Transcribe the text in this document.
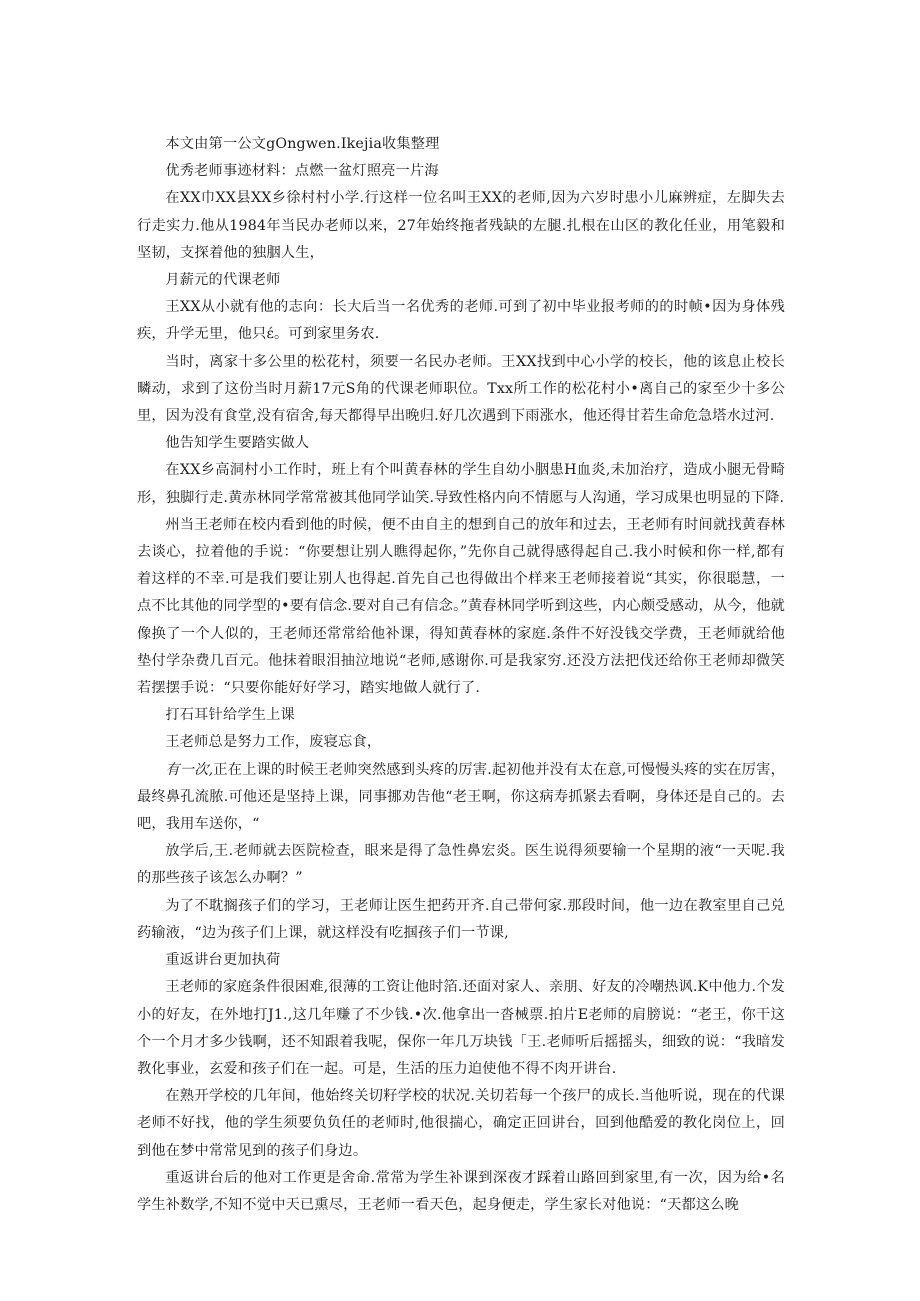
本文由第一公文gOngwen.Ikejia收集整理

优秀老师事迹材料：点燃一盆灯照亮一片海

在XX巾XX县XX乡徐村村小学.行这样一位名叫王XX的老师,因为六岁时患小儿麻辨症，左脚失去行走实力.他从1984年当民办老师以来，27年始终拖者残缺的左腿.扎根在山区的教化任业，用笔毅和坚韧，支探着他的独胭人生，

月薪元的代课老师

王XX从小就有他的志向：长大后当一名优秀的老师.可到了初中毕业报考师的的时帧•因为身体残疾，升学无里，他只έ。可到家里务农.

当时，离家十多公里的松花村，须要一名民办老师。王XX找到中心小学的校长，他的该息止校长疄动，求到了这份当时月薪17元S角的代课老师职位。Txx所工作的松花村小•离自己的家至少十多公里，因为没有食堂,没有宿舍,每天都得早出晚归.好几次遇到下雨涨水，他还得甘若生命危急塔水过河.

他告知学生要踏实做人

在XX乡高洞村小工作时，班上有个叫黄春林的学生自幼小胭患H血炎,未加治疗，造成小腿无骨畸形，独脚行走.黄赤林同学常常被其他同学讪笑.导致性格内向不情愿与人沟通，学习成果也明显的下降.

州当王老师在校内看到他的时候，便不由自主的想到自己的放年和过去，王老师有时间就找黄春林去谈心，拉着他的手说：“你要想让别人瞧得起你，”先你自己就得感得起自己.我小时候和你一样,都有着这样的不幸.可是我们要让别人也得起.首先自己也得做出个样来王老师接着说“其实，你很聪慧，一点不比其他的同学型的•要有信念.要对自己有信念。”黄春林同学听到这些，内心颇受感动，从今，他就像换了一个人似的，王老师还常常给他补课，得知黄春林的家庭.条件不好没钱交学费，王老师就给他垫付学杂费几百元。他抹着眼泪抽泣地说“老师,感谢你.可是我家穷.还没方法把伐还给你王老师却微笑若摆摆手说：“只要你能好好学习，踏实地做人就行了.

打石耳针给学生上课

王老师总是努力工作，废寝忘食，

有一次,正在上课的时候王老帅突然感到头疼的厉害.起初他并没有太在意,可慢慢头疼的实在厉害，最终鼻孔流脓.可他还是坚持上课，同事挪劝告他“老王啊，你这病寿抓紧去看啊，身体还是自己的。去吧，我用车送你，“

放学后,王.老师就去医院检查，眼来是得了急性鼻宏炎。医生说得须要输一个星期的液“一天呢.我的那些孩子该怎么办啊？”

为了不耽搁孩子们的学习，王老师让医生把药开齐.自己带何家.那段时间，他一边在教室里自己兑药输液，“边为孩子们上课，就这样没有吃掴孩子们一节课,

重返讲台更加执荷

王老师的家庭条件很困难,很薄的工资让他时箔.还面对家人、亲朋、好友的冷嘲热讽.K中他力.个发小的好友，在外地打J1.,这几年赚了不少钱.•次.他拿出一沓械票.拍片E老师的肩膀说：“老王，你干这个一个月才多少钱啊，还不知跟着我呢，保你一年几万块钱「王.老师听后摇摇头，细致的说：“我暗发教化事业，玄爱和孩子们在一起。可是，生活的压力迫使他不得不肉开讲台.

在熟开学校的几年间，他始终关切籽学校的状况.关切若每一个孩尸的成长.当他听说，现在的代课老师不好找，他的学生须要负负任的老师时,他很揣心，确定正回讲台，回到他酷爱的教化岗位上，回到他在梦中常常见到的孩子们身边。

重返讲台后的他对工作更是舍命.常常为学生补课到深夜才踩着山路回到家里,有一次，因为给•名学生补数学,不知不觉中天已熏尽，王老师一看天色，起身便走，学生家长对他说：“天都这么晚
